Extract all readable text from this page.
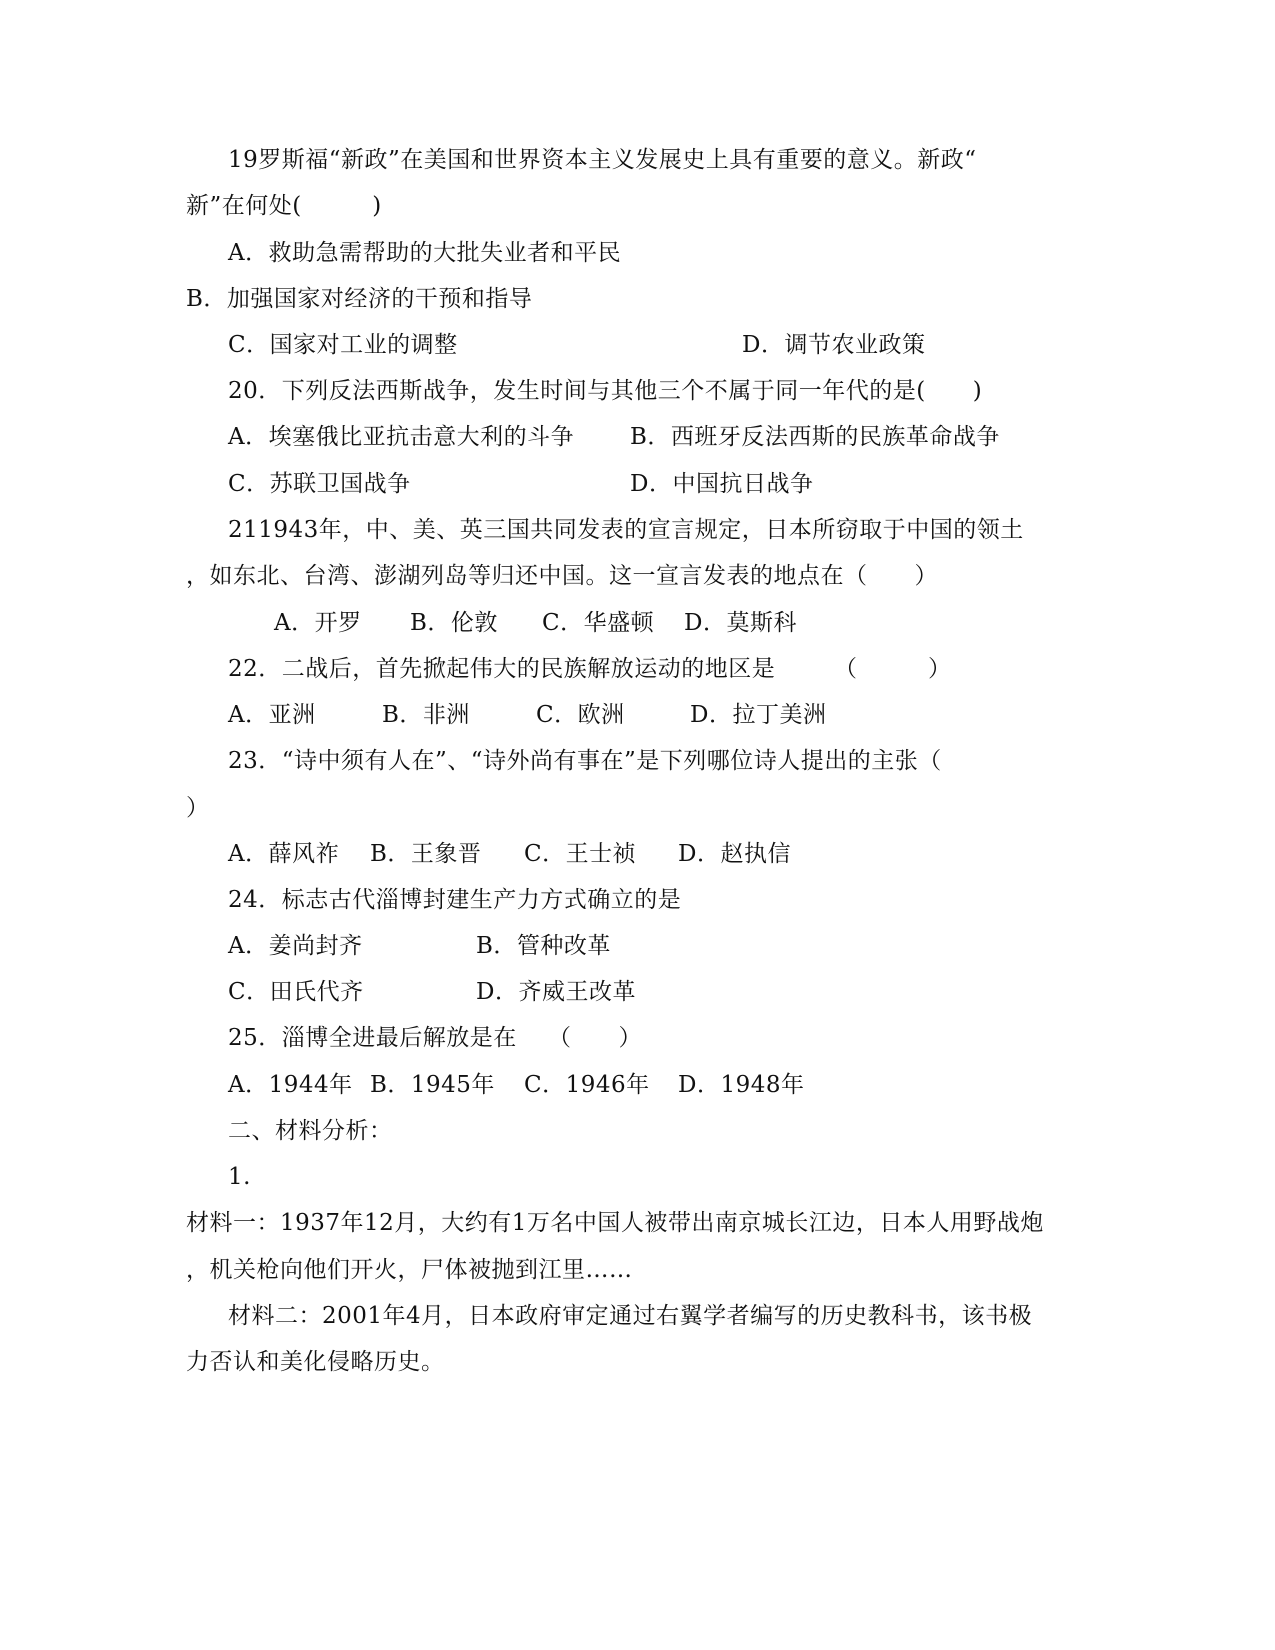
19罗斯福“新政”在美国和世界资本主义发展史上具有重要的意义。新政“
新”在何处(　　　)
A．救助急需帮助的大批失业者和平民
B．加强国家对经济的干预和指导
C．国家对工业的调整	D．调节农业政策
20．下列反法西斯战争，发生时间与其他三个不属于同一年代的是(　　)
A．埃塞俄比亚抗击意大利的斗争 B．西班牙反法西斯的民族革命战争
C．苏联卫国战争	D．中国抗日战争
211943年，中、美、英三国共同发表的宣言规定，日本所窃取于中国的领土
，如东北、台湾、澎湖列岛等归还中国。这一宣言发表的地点在（　　）
A．开罗 B．伦敦 C．华盛顿 D．莫斯科
22．二战后，首先掀起伟大的民族解放运动的地区是	（　　　）
A．亚洲	B．非洲	C．欧洲	D．拉丁美洲
23．“诗中须有人在”、“诗外尚有事在”是下列哪位诗人提出的主张（
）
A．薛风祚 B．王象晋 C．王士祯 D．赵执信
24．标志古代淄博封建生产力方式确立的是
A．姜尚封齐	B．管种改革
C．田氏代齐	D．齐威王改革
25．淄博全进最后解放是在 （　　）
A．1944年 B．1945年 C．1946年 D．1948年
二、材料分析：
1.
材料一：1937年12月，大约有1万名中国人被带出南京城长江边，日本人用野战炮
，机关枪向他们开火，尸体被抛到江里……
材料二：2001年4月，日本政府审定通过右翼学者编写的历史教科书，该书极
力否认和美化侵略历史。
